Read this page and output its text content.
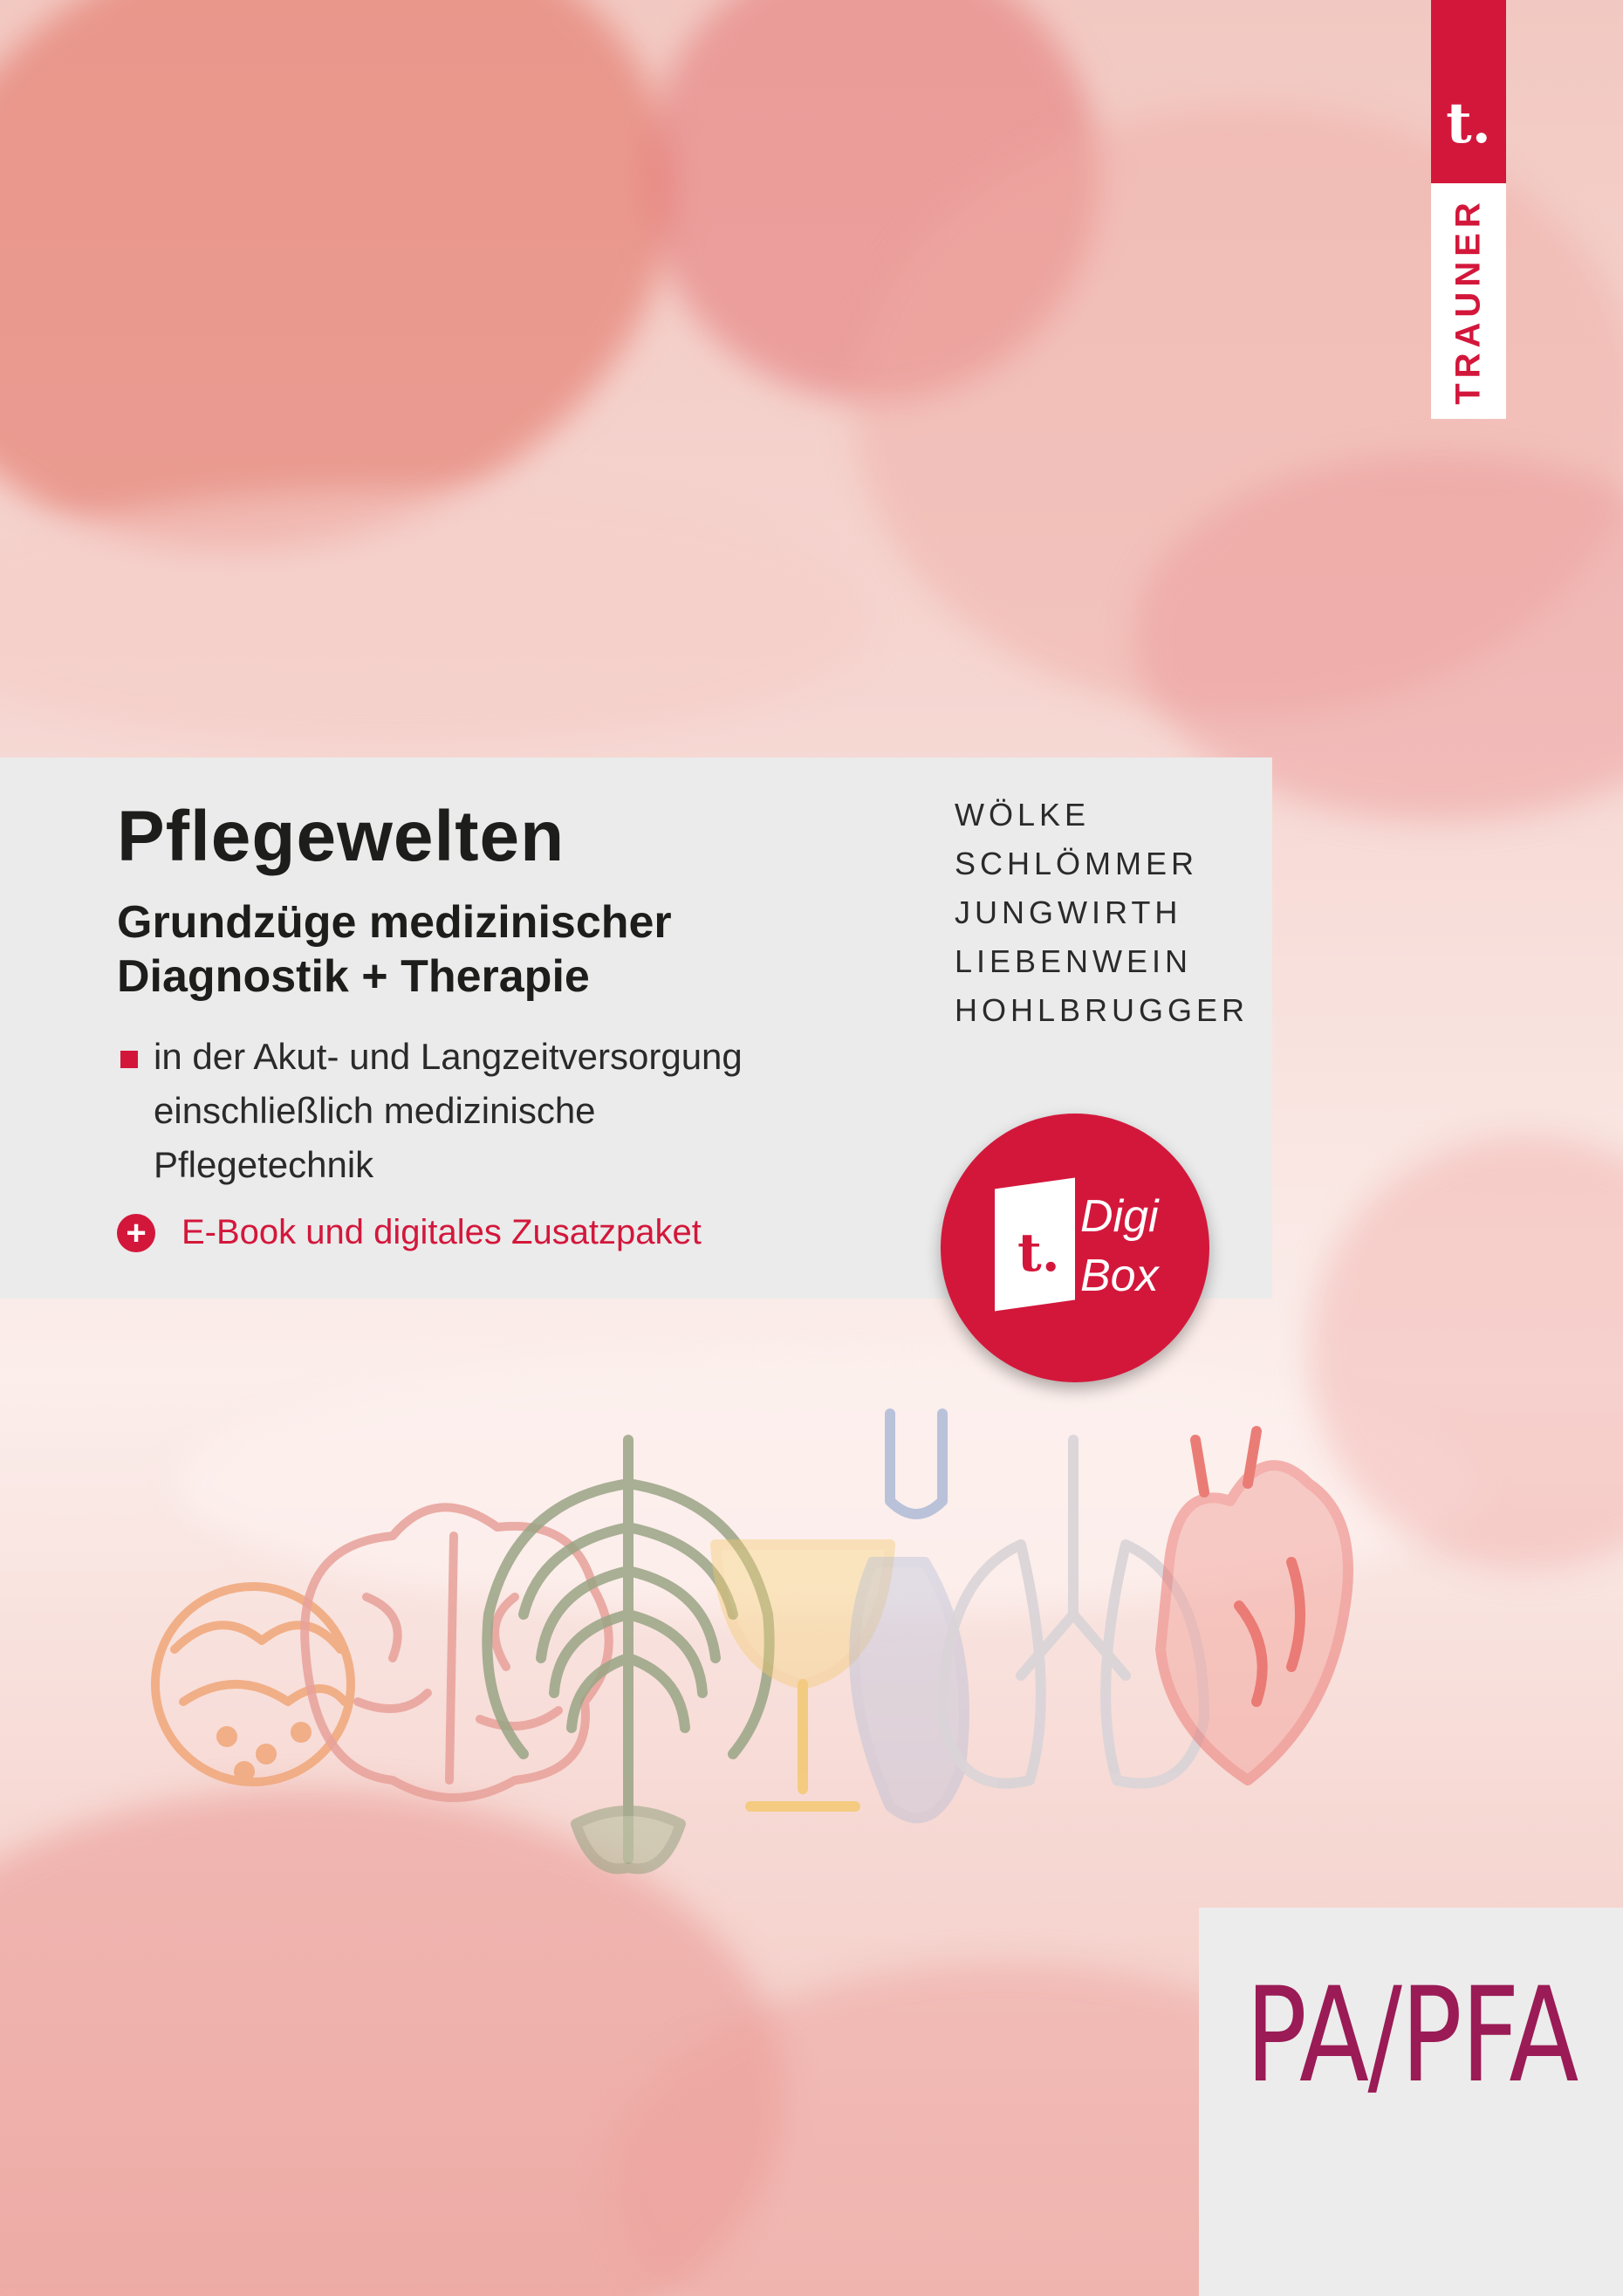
t.
TRAUNER
Pflegewelten
Grundzüge medizinischer
Diagnostik + Therapie
in der Akut- und Langzeitversorgung
einschließlich medizinische
Pflegetechnik
+ E-Book und digitales Zusatzpaket
WÖLKE
SCHLÖMMER
JUNGWIRTH
LIEBENWEIN
HOHLBRUGGER
t.
Digi
Box
PA/PFA
